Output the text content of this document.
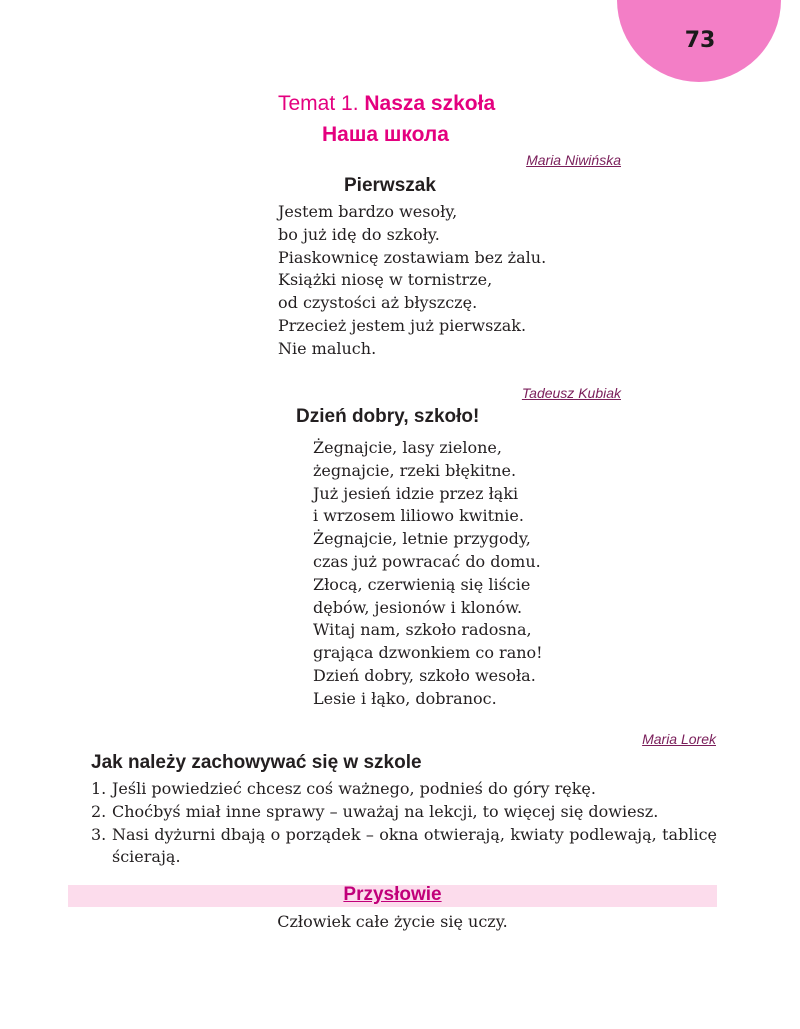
73
Temat 1. Nasza szkoła
Наша школа
Maria Niwińska
Pierwszak
Jestem bardzo wesoły,
bo już idę do szkoły.
Piaskownicę zostawiam bez żalu.
Książki niosę w tornistrze,
od czystości aż błyszczę.
Przecież jestem już pierwszak.
Nie maluch.
Tadeusz Kubiak
Dzień dobry, szkoło!
Żegnajcie, lasy zielone,
żegnajcie, rzeki błękitne.
Już jesień idzie przez łąki
i wrzosem liliowo kwitnie.
Żegnajcie, letnie przygody,
czas już powracać do domu.
Złocą, czerwienią się liście
dębów, jesionów i klonów.
Witaj nam, szkoło radosna,
grająca dzwonkiem co rano!
Dzień dobry, szkoło wesoła.
Lesie i łąko, dobranoc.
Maria Lorek
Jak należy zachowywać się w szkole
1. Jeśli powiedzieć chcesz coś ważnego, podnieś do góry rękę.
2. Choćbyś miał inne sprawy – uważaj na lekcji, to więcej się dowiesz.
3. Nasi dyżurni dbają o porządek – okna otwierają, kwiaty podlewają, tablicę ścierają.
Przysłowie
Człowiek całe życie się uczy.
